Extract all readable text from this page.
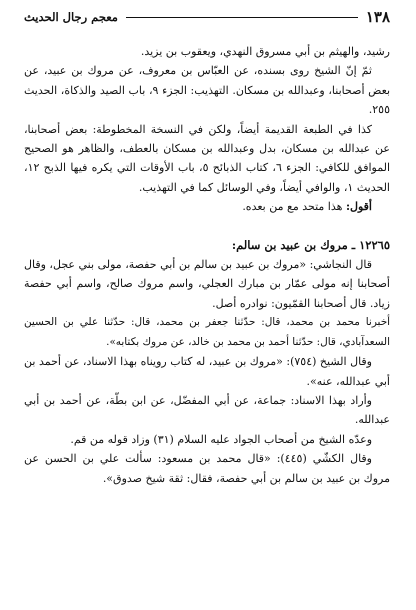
١٣٨
معجم رجال الحديث

رشيد، والهيثم بن أبي مسروق النهدي، ويعقوب بن يزيد.

ثمّ إنّ الشيخ روى بسنده، عن العبّاس بن معروف، عن مروك بن عبيد، عن بعض أصحابنا، وعبدالله بن مسكان. التهذيب: الجزء ٩، باب الصيد والذكاة، الحديث ٢٥٥.

كذا في الطبعة القديمة أيضاً، ولكن في النسخة المخطوطة: بعض أصحابنا، عن عبدالله بن مسكان، بدل وعبدالله بن مسكان بالعطف، والظاهر هو الصحيح الموافق للكافي: الجزء ٦، كتاب الذبائح ٥، باب الأوقات التي يكره فيها الذبح ١٢، الحديث ١، والوافي أيضاً، وفي الوسائل كما في التهذيب.

أقول: هذا متحد مع من بعده.

١٢٢٦٥ ـ مروك بن عبيد بن سالم:

قال النجاشي: «مروك بن عبيد بن سالم بن أبي حفصة، مولى بني عجل، وقال أصحابنا إنه مولى عمّار بن مبارك العجلي، واسم مروك صالح، واسم أبي حفصة زياد. قال أصحابنا القمّيون: نوادره أصل.

أخبرنا محمد بن محمد، قال: حدّثنا جعفر بن محمد، قال: حدّثنا علي بن الحسين السعدآبادي، قال: حدّثنا أحمد بن محمد بن خالد، عن مروك بكتابه».

وقال الشيخ (٧٥٤): «مروك بن عبيد، له كتاب رويناه بهذا الاسناد، عن أحمد بن أبي عبدالله، عنه».

وأراد بهذا الاسناد: جماعة، عن أبي المفضّل، عن ابن بطّة، عن أحمد بن أبي عبدالله.

وعدّه الشيخ من أصحاب الجواد عليه السلام (٣١) وزاد قوله من قم.

وقال الكشّي (٤٤٥): «قال محمد بن مسعود: سألت علي بن الحسن عن مروك بن عبيد بن سالم بن أبي حفصة، فقال: ثقة شيخ صدوق».
